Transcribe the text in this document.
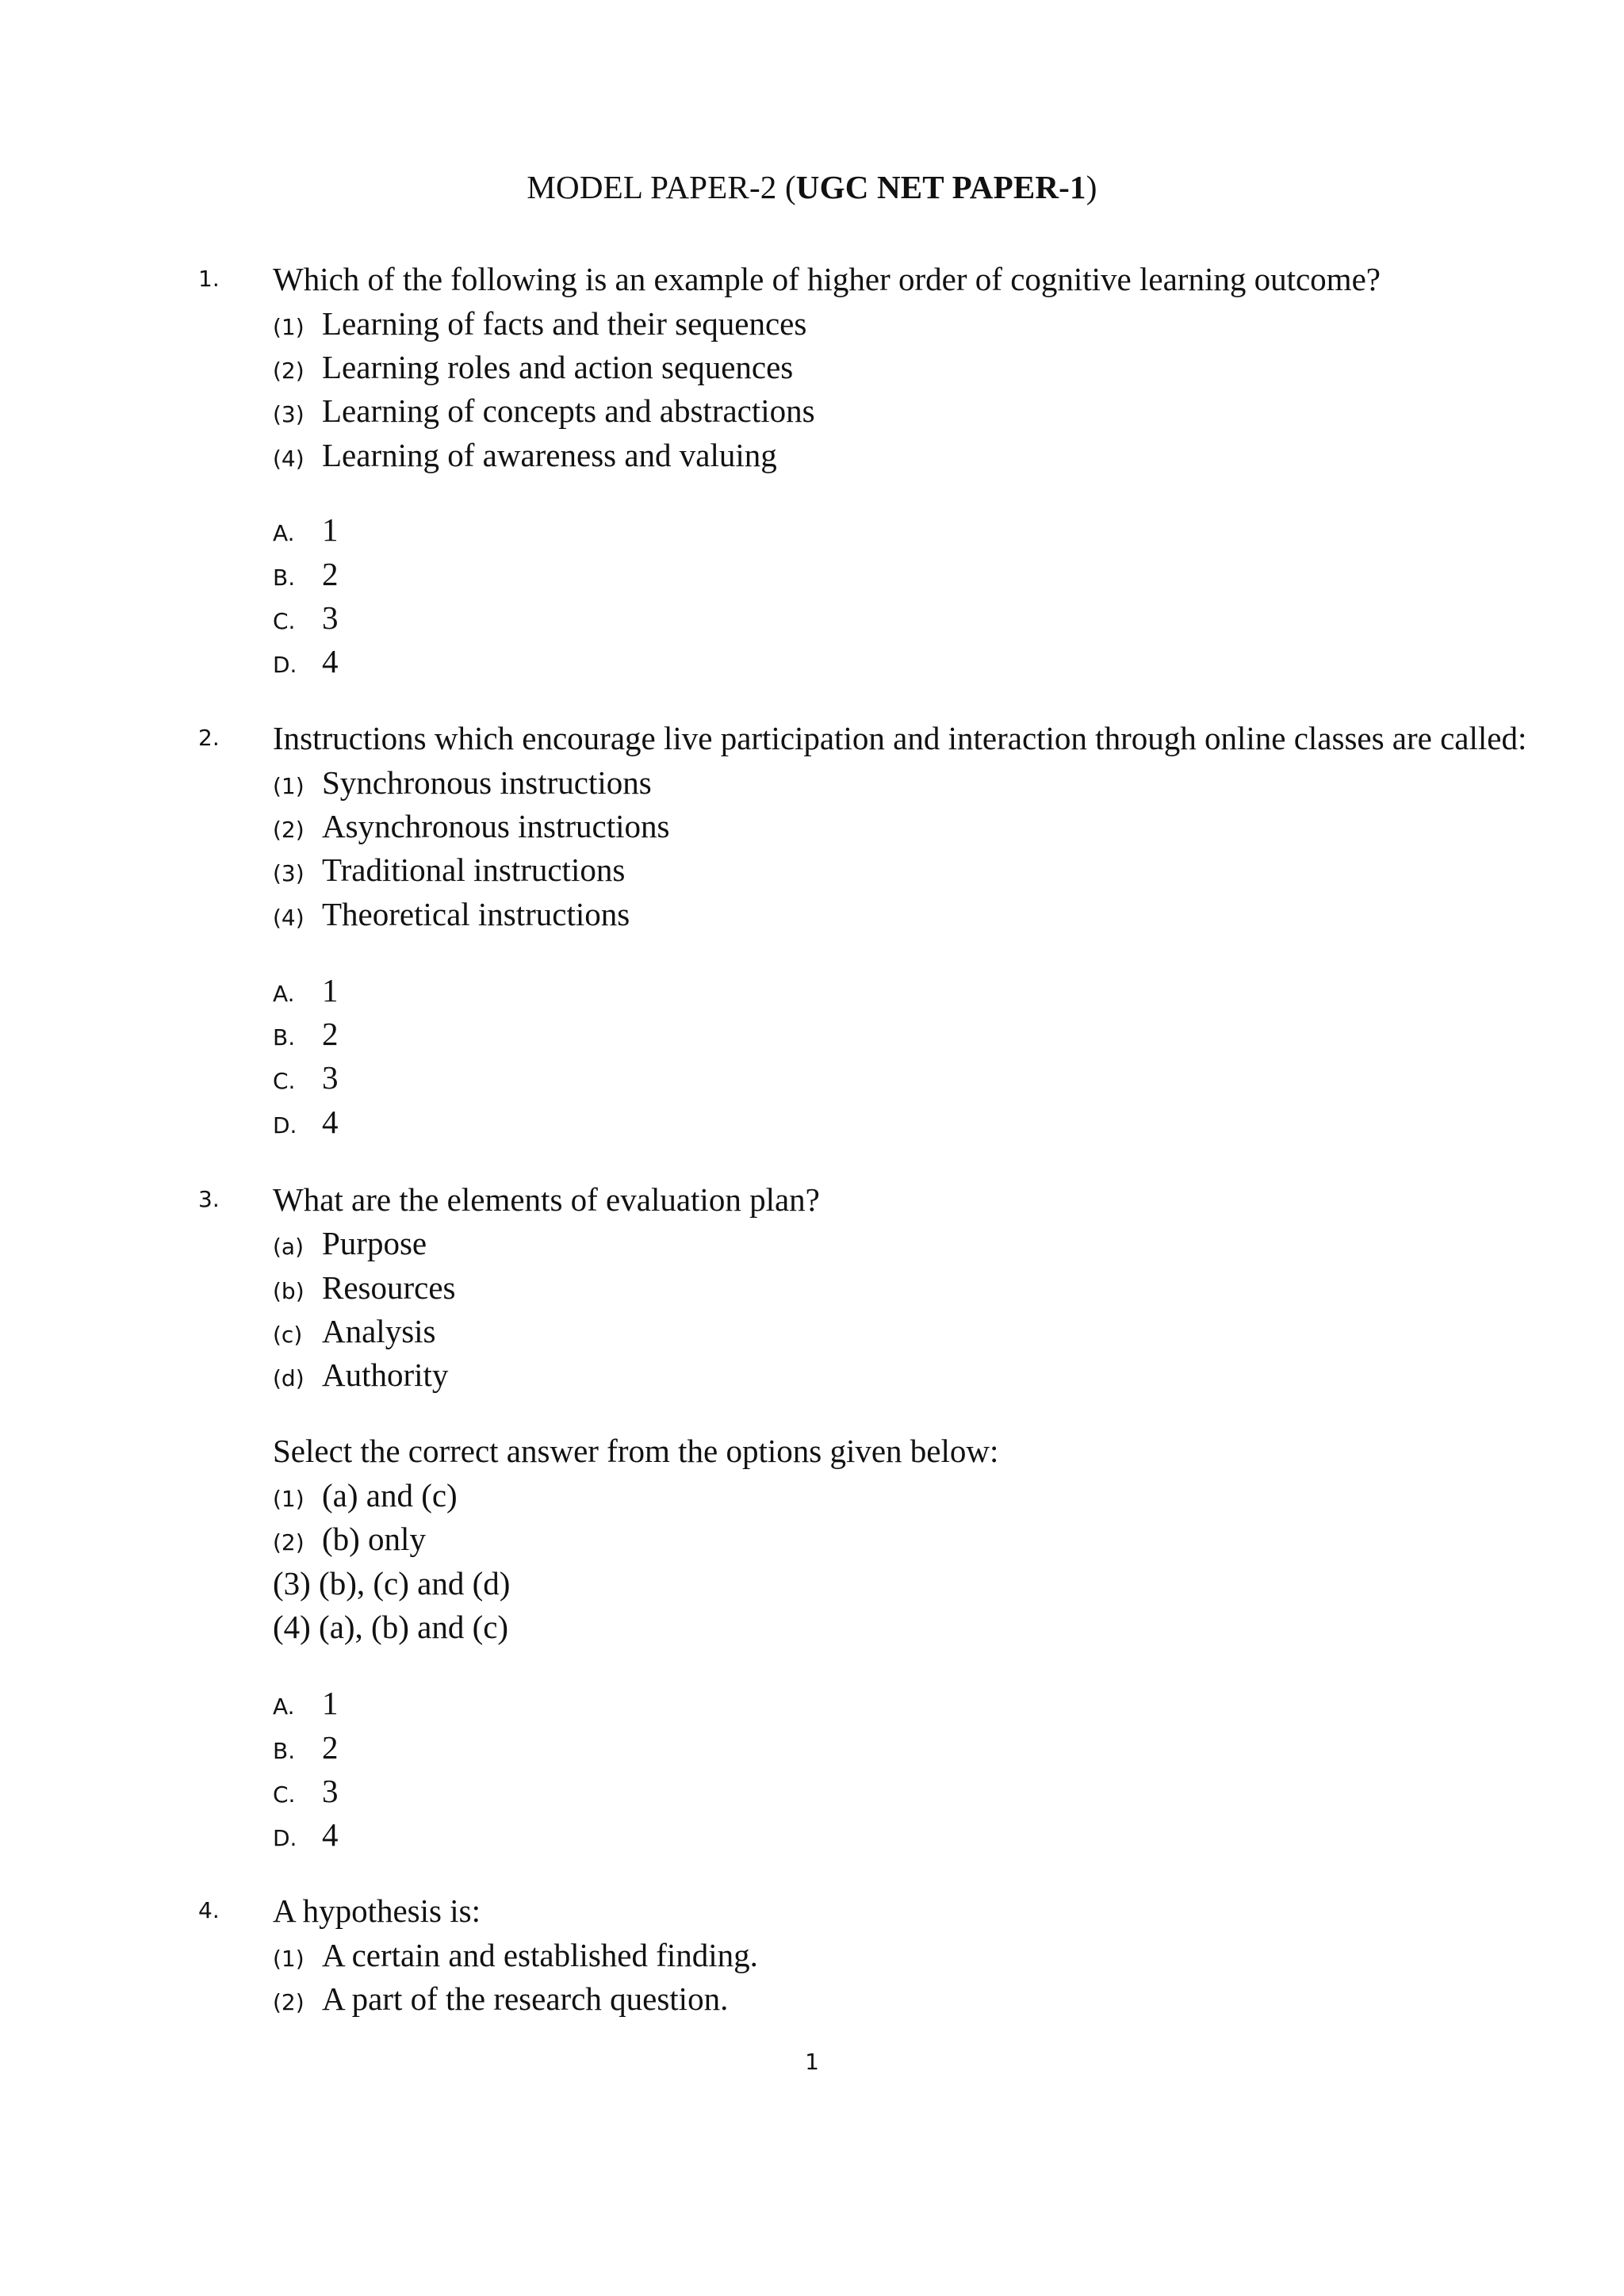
MODEL PAPER-2 (UGC NET PAPER-1)
1. Which of the following is an example of higher order of cognitive learning outcome?
(1) Learning of facts and their sequences
(2) Learning roles and action sequences
(3) Learning of concepts and abstractions
(4) Learning of awareness and valuing
A. 1
B. 2
C. 3
D. 4
2. Instructions which encourage live participation and interaction through online classes are called:
(1) Synchronous instructions
(2) Asynchronous instructions
(3) Traditional instructions
(4) Theoretical instructions
A. 1
B. 2
C. 3
D. 4
3. What are the elements of evaluation plan?
(a) Purpose
(b) Resources
(c) Analysis
(d) Authority
Select the correct answer from the options given below:
(1) (a) and (c)
(2) (b) only
(3) (b), (c) and (d)
(4) (a), (b) and (c)
A. 1
B. 2
C. 3
D. 4
4. A hypothesis is:
(1) A certain and established finding.
(2) A part of the research question.
1
